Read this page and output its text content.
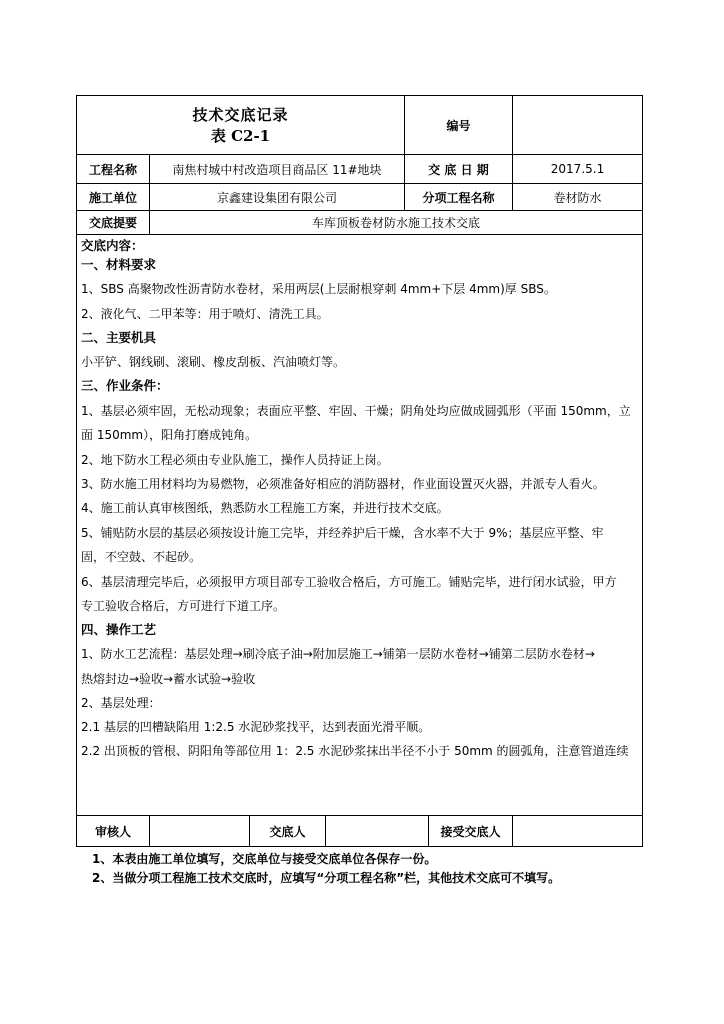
技术交底记录
表 C2-1
编号
工程名称	南焦村城中村改造项目商品区 11#地块	交 底 日 期	2017.5.1
施工单位	京鑫建设集团有限公司	分项工程名称	卷材防水
交底提要	车库顶板卷材防水施工技术交底
交底内容：
一、材料要求
1、SBS 高聚物改性沥青防水卷材，采用两层(上层耐根穿刺 4mm+下层 4mm)厚 SBS。
2、液化气、二甲苯等：用于喷灯、清洗工具。
二、主要机具
小平铲、钢线刷、滚刷、橡皮刮板、汽油喷灯等。
三、作业条件：
1、基层必须牢固，无松动现象；表面应平整、牢固、干燥；阴角处均应做成圆弧形（平面 150mm，立
面 150mm），阳角打磨成钝角。
2、地下防水工程必须由专业队施工，操作人员持证上岗。
3、防水施工用材料均为易燃物，必须准备好相应的消防器材，作业面设置灭火器，并派专人看火。
4、施工前认真审核图纸，熟悉防水工程施工方案，并进行技术交底。
5、铺贴防水层的基层必须按设计施工完毕，并经养护后干燥，含水率不大于 9%；基层应平整、牢
固，不空鼓、不起砂。
6、基层清理完毕后，必须报甲方项目部专工验收合格后，方可施工。铺贴完毕，进行闭水试验，甲方
专工验收合格后，方可进行下道工序。
四、操作工艺
1、防水工艺流程：基层处理→刷冷底子油→附加层施工→铺第一层防水卷材→铺第二层防水卷材→
热熔封边→验收→蓄水试验→验收
2、基层处理：
2.1 基层的凹槽缺陷用 1:2.5 水泥砂浆找平，达到表面光滑平顺。
2.2 出顶板的管根、阴阳角等部位用 1：2.5 水泥砂浆抹出半径不小于 50mm 的圆弧角，注意管道连续
审核人	交底人	接受交底人
1、本表由施工单位填写，交底单位与接受交底单位各保存一份。
2、当做分项工程施工技术交底时，应填写“分项工程名称”栏，其他技术交底可不填写。
